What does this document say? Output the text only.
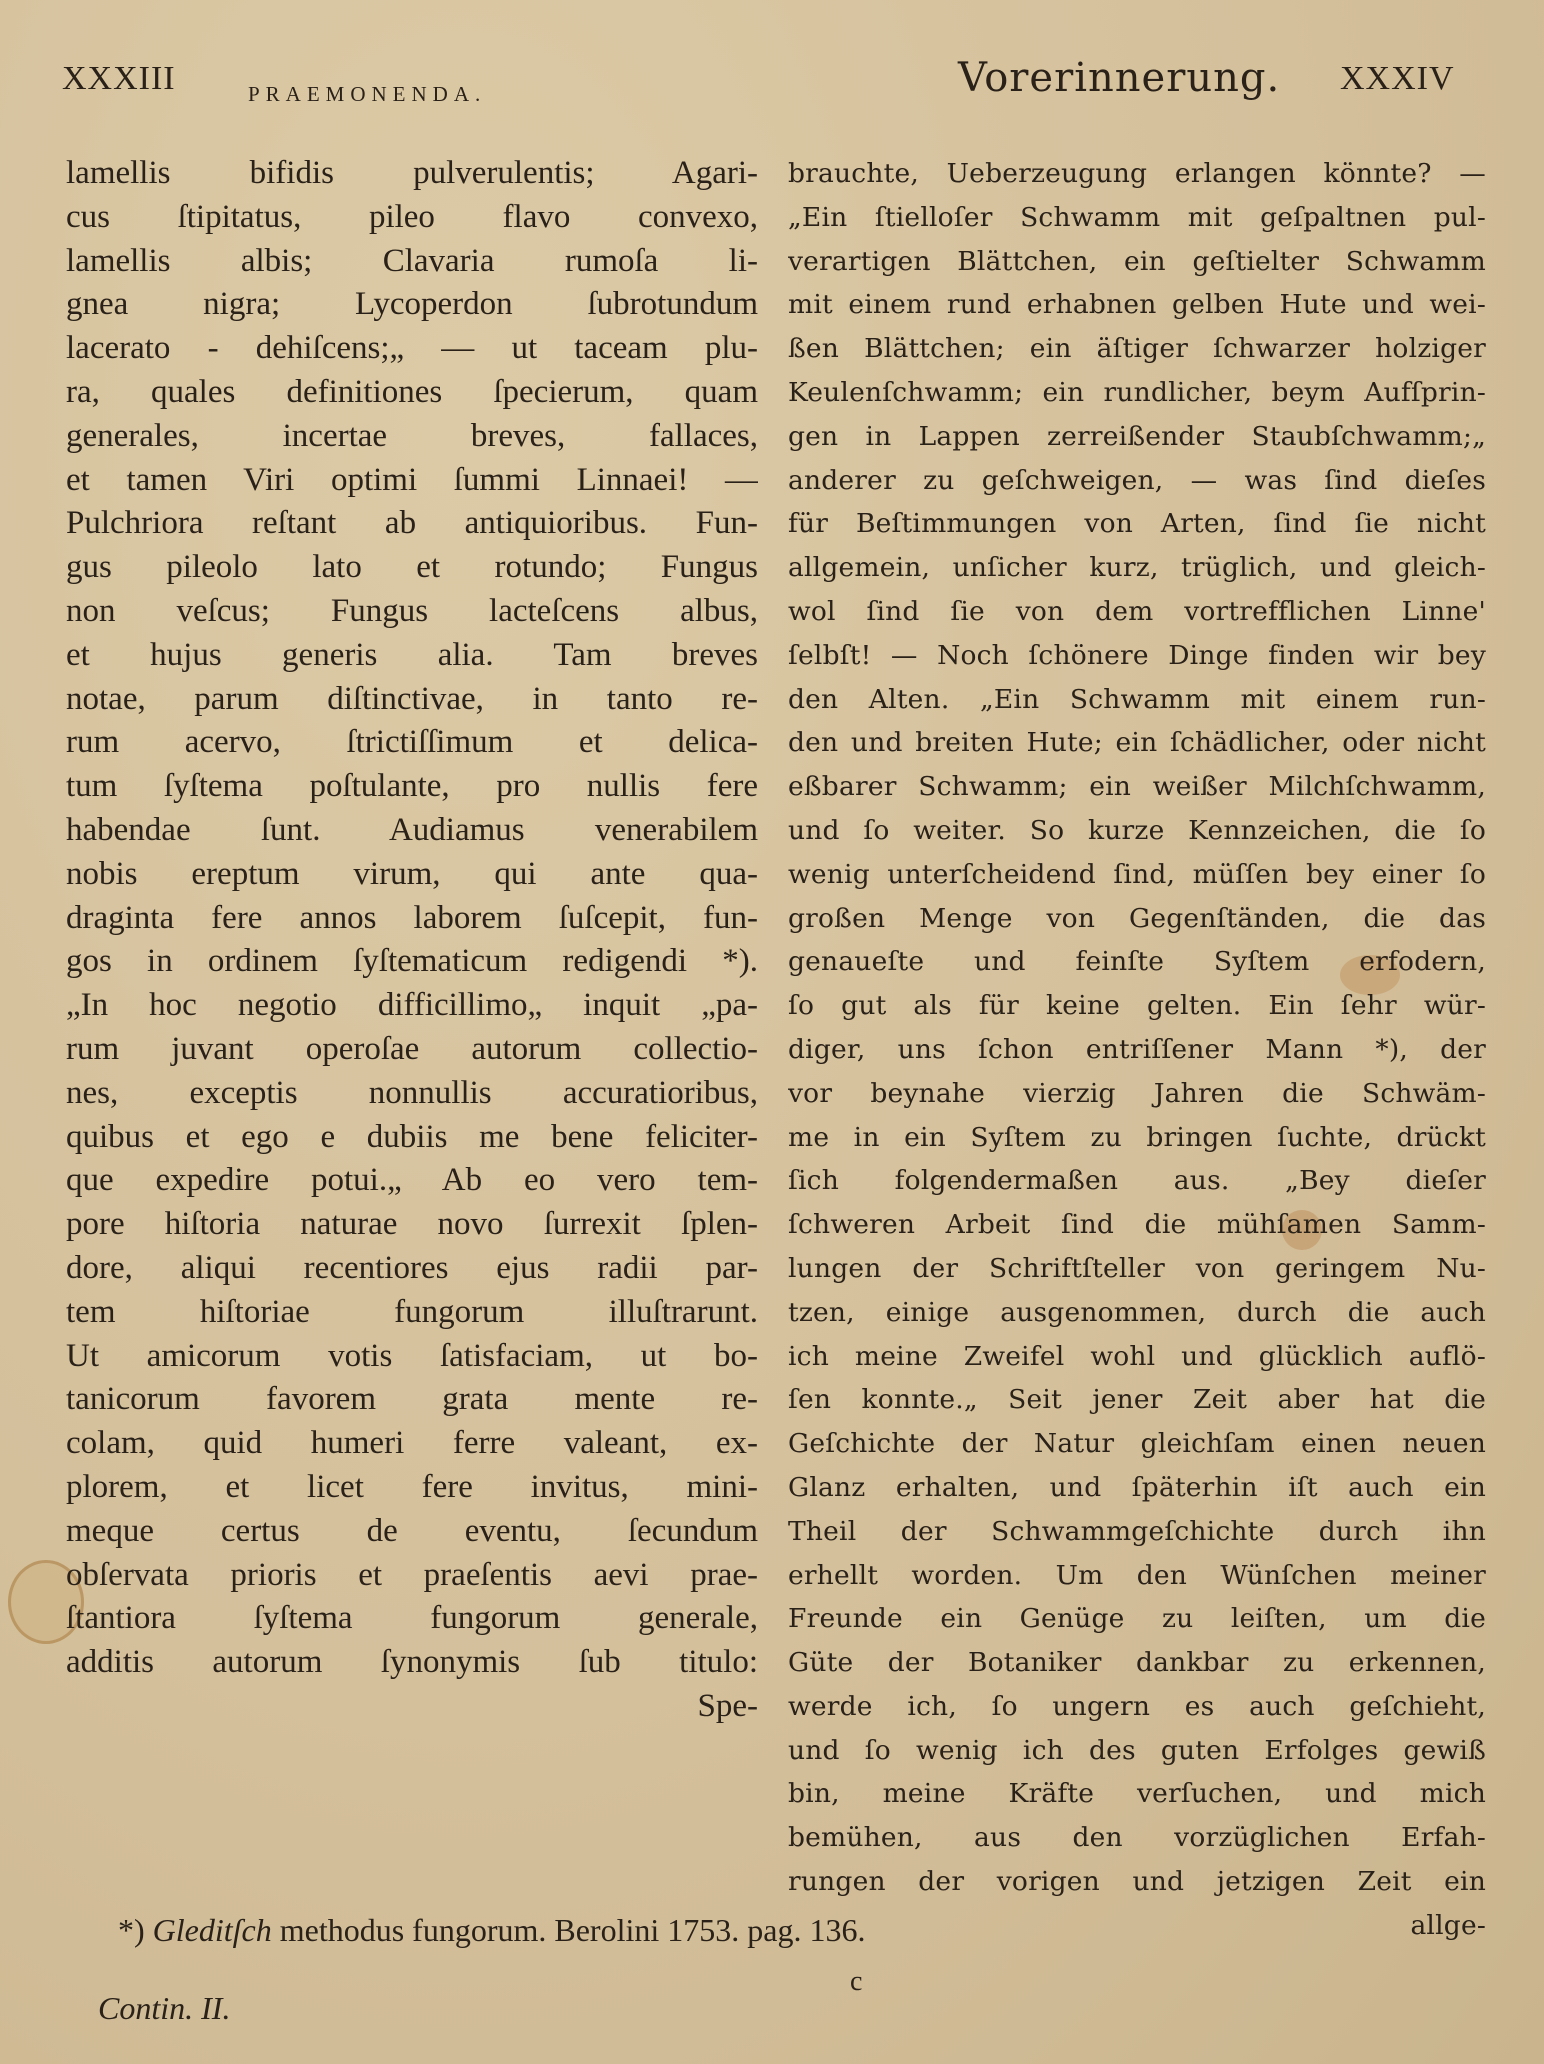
XXXIII	PRAEMONENDA.	Vorerinnerung. XXXIV
lamellis bifidis pulverulentis; Agari-
cus ſtipitatus, pileo flavo convexo,
lamellis albis; Clavaria rumoſa li-
gnea nigra; Lycoperdon ſubrotundum
lacerato - dehiſcens;„ — ut taceam plu-
ra, quales definitiones ſpecierum, quam
generales, incertae breves, fallaces,
et tamen Viri optimi ſummi Linnaei! —
Pulchriora reſtant ab antiquioribus. Fun-
gus pileolo lato et rotundo; Fungus
non veſcus; Fungus lacteſcens albus,
et hujus generis alia. Tam breves
notae, parum diſtinctivae, in tanto re-
rum acervo, ſtrictiſſimum et delica-
tum ſyſtema poſtulante, pro nullis fere
habendae ſunt. Audiamus venerabilem
nobis ereptum virum, qui ante qua-
draginta fere annos laborem ſuſcepit, fun-
gos in ordinem ſyſtematicum redigendi *).
„In hoc negotio difficillimo„ inquit „pa-
rum juvant operoſae autorum collectio-
nes, exceptis nonnullis accuratioribus,
quibus et ego e dubiis me bene feliciter-
que expedire potui.„ Ab eo vero tem-
pore hiſtoria naturae novo ſurrexit ſplen-
dore, aliqui recentiores ejus radii par-
tem hiſtoriae fungorum illuſtrarunt.
Ut amicorum votis ſatisfaciam, ut bo-
tanicorum favorem grata mente re-
colam, quid humeri ferre valeant, ex-
plorem, et licet fere invitus, mini-
meque certus de eventu, ſecundum
obſervata prioris et praeſentis aevi prae-
ſtantiora ſyſtema fungorum generale,
additis autorum ſynonymis ſub titulo:
Spe-
brauchte, Ueberzeugung erlangen könnte? —
„Ein ſtielloſer Schwamm mit geſpaltnen pul-
verartigen Blättchen, ein geſtielter Schwamm
mit einem rund erhabnen gelben Hute und wei-
ßen Blättchen; ein äſtiger ſchwarzer holziger
Keulenſchwamm; ein rundlicher, beym Aufſprin-
gen in Lappen zerreißender Staubſchwamm;„
anderer zu geſchweigen, — was ſind dieſes
für Beſtimmungen von Arten, ſind ſie nicht
allgemein, unſicher kurz, trüglich, und gleich-
wol ſind ſie von dem vortrefflichen Linne'
ſelbſt! — Noch ſchönere Dinge finden wir bey
den Alten. „Ein Schwamm mit einem run-
den und breiten Hute; ein ſchädlicher, oder nicht
eßbarer Schwamm; ein weißer Milchſchwamm,
und ſo weiter. So kurze Kennzeichen, die ſo
wenig unterſcheidend ſind, müſſen bey einer ſo
großen Menge von Gegenſtänden, die das
genaueſte und feinſte Syſtem erfodern,
ſo gut als für keine gelten. Ein ſehr wür-
diger, uns ſchon entriſſener Mann *), der
vor beynahe vierzig Jahren die Schwäm-
me in ein Syſtem zu bringen ſuchte, drückt
ſich folgendermaßen aus. „Bey dieſer
ſchweren Arbeit ſind die mühſamen Samm-
lungen der Schriftſteller von geringem Nu-
tzen, einige ausgenommen, durch die auch
ich meine Zweifel wohl und glücklich auflö-
ſen konnte.„ Seit jener Zeit aber hat die
Geſchichte der Natur gleichſam einen neuen
Glanz erhalten, und ſpäterhin iſt auch ein
Theil der Schwammgeſchichte durch ihn
erhellt worden. Um den Wünſchen meiner
Freunde ein Genüge zu leiſten, um die
Güte der Botaniker dankbar zu erkennen,
werde ich, ſo ungern es auch geſchieht,
und ſo wenig ich des guten Erfolges gewiß
bin, meine Kräfte verſuchen, und mich
bemühen, aus den vorzüglichen Erfah-
rungen der vorigen und jetzigen Zeit ein
allge-
*) Gleditſch methodus fungorum. Berolini 1753. pag. 136.
c
Contin. II.
